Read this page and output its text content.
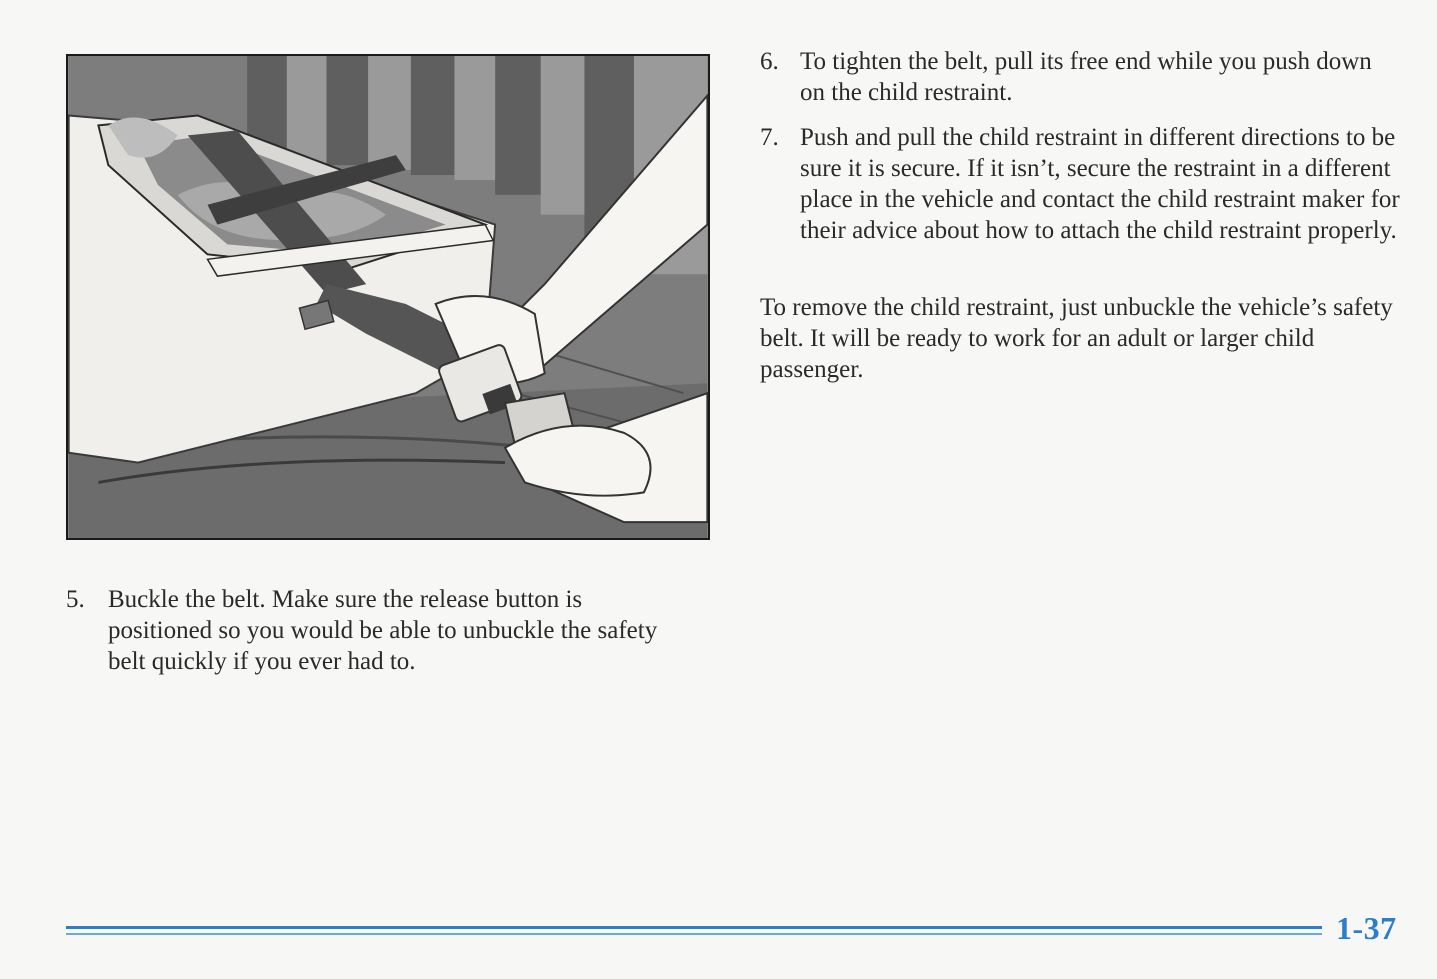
5. Buckle the belt. Make sure the release button is positioned so you would be able to unbuckle the safety belt quickly if you ever had to.
6. To tighten the belt, pull its free end while you push down on the child restraint.
7. Push and pull the child restraint in different directions to be sure it is secure. If it isn’t, secure the restraint in a different place in the vehicle and contact the child restraint maker for their advice about how to attach the child restraint properly.

To remove the child restraint, just unbuckle the vehicle’s safety belt. It will be ready to work for an adult or larger child passenger.

1-37
